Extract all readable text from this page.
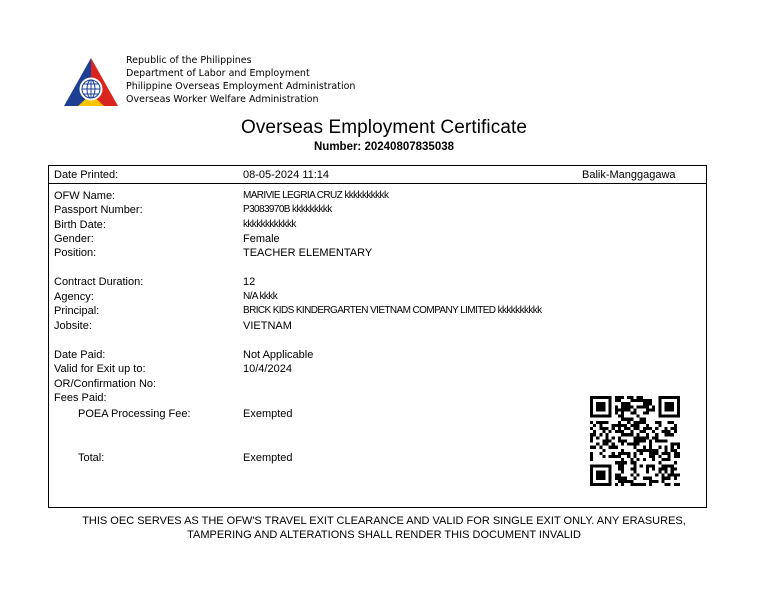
Republic of the Philippines
Department of Labor and Employment
Philippine Overseas Employment Administration
Overseas Worker Welfare Administration
Overseas Employment Certificate
Number: 20240807835038
Date Printed:	08-05-2024 11:14	Balik-Manggagawa
OFW Name:	MARIVIE LEGRIA CRUZ kkkkkkkkkk
Passport Number:	P3083970B kkkkkkkkk
Birth Date:	kkkkkkkkkkkk
Gender:	Female
Position:	TEACHER ELEMENTARY
Contract Duration:	12
Agency:	N/A kkkk
Principal:	BRICK KIDS KINDERGARTEN VIETNAM COMPANY LIMITED kkkkkkkkkk
Jobsite:	VIETNAM
Date Paid:	Not Applicable
Valid for Exit up to:	10/4/2024
OR/Confirmation No:
Fees Paid:
POEA Processing Fee:	Exempted
Total:	Exempted
THIS OEC SERVES AS THE OFW'S TRAVEL EXIT CLEARANCE AND VALID FOR SINGLE EXIT ONLY. ANY ERASURES,
TAMPERING AND ALTERATIONS SHALL RENDER THIS DOCUMENT INVALID
